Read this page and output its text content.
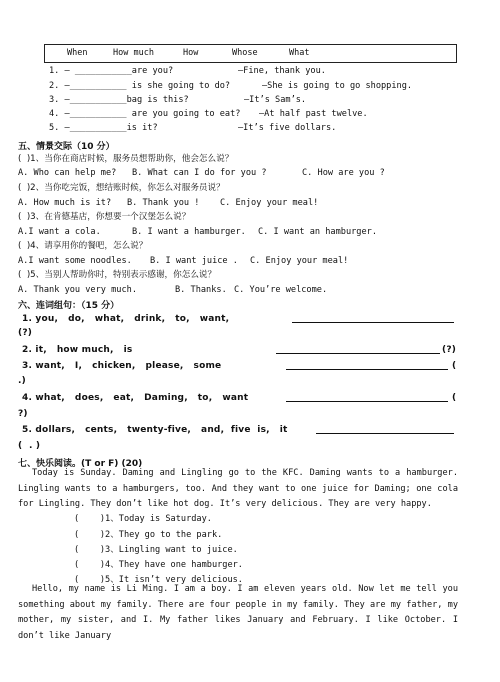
When	How much	How	Whose	What
1. — ___________are you?	—Fine, thank you.
2. —___________ is she going to do?	—She is going to go shopping.
3. —___________bag is this?	—It’s Sam’s.
4. —___________ are you going to eat? —At half past twelve.
5. —___________is it?	—It’s five dollars.
五、情景交际（10 分）
(  )1、当你在商店时候，服务员想帮助你，他会怎么说？
A. Who can help me? B. What can I do for you ?	C. How are you ?
(  )2、当你吃完饭，想结账时候，你怎么对服务员说？
A. How much is it? B. Thank you ! C. Enjoy your meal!
(  )3、在肯德基店，你想要一个汉堡怎么说？
A.I want a cola.	B. I want a hamburger. C. I want an hamburger.
(  )4、请享用你的餐吧，怎么说？
A.I want some noodles. B. I want juice . C. Enjoy your meal!
(  )5、当别人帮助你时，特别表示感谢，你怎么说？
A. Thank you very much.	B. Thanks. C. You’re welcome.
六、连词组句：（15 分）
1. you,   do,   what,   drink,   to,   want,
(?)
2. it,   how much,   is	(?)
3. want,   I,   chicken,   please,   some	(
.)
4. what,   does,   eat,   Daming,   to,   want	(
?)
5. dollars,   cents,   twenty-five,   and,  five  is,   it
(  . )
七、快乐阅读。(T or F) (20)
Today is Sunday. Daming and Lingling go to the KFC. Daming wants to a hamburger. Lingling wants to a hamburgers, too. And they want to one juice for Daming; one cola for Lingling. They don’t like hot dog. It’s very delicious. They are very happy.
(    )1、Today is Saturday.
(    )2、They go to the park.
(    )3、Lingling want to juice.
(    )4、They have one hamburger.
(    )5、It isn’t very delicious.
Hello, my name is Li Ming. I am a boy. I am eleven years old. Now let me tell you something about my family. There are four people in my family. They are my father, my mother, my sister, and I. My father likes January and February. I like October. I don’t like January
